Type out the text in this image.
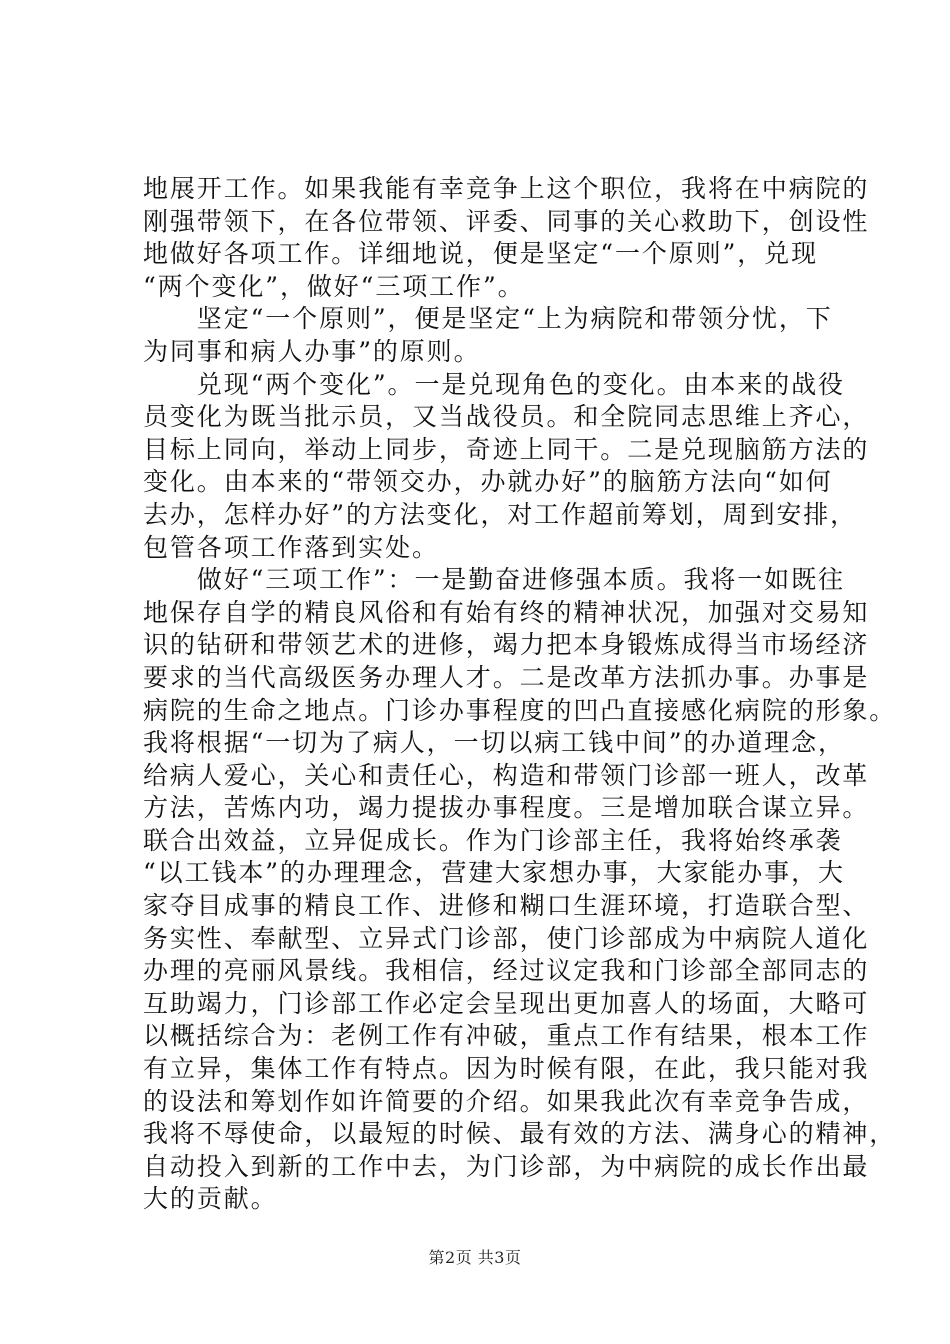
地展开工作。如果我能有幸竞争上这个职位，我将在中病院的
刚强带领下，在各位带领、评委、同事的关心救助下，创设性
地做好各项工作。详细地说，便是坚定“一个原则”，兑现
“两个变化”，做好“三项工作”。
　　坚定“一个原则”，便是坚定“上为病院和带领分忧，下
为同事和病人办事”的原则。
　　兑现“两个变化”。一是兑现角色的变化。由本来的战役
员变化为既当批示员，又当战役员。和全院同志思维上齐心，
目标上同向，举动上同步，奇迹上同干。二是兑现脑筋方法的
变化。由本来的“带领交办，办就办好”的脑筋方法向“如何
去办，怎样办好”的方法变化，对工作超前筹划，周到安排，
包管各项工作落到实处。
　　做好“三项工作”：一是勤奋进修强本质。我将一如既往
地保存自学的精良风俗和有始有终的精神状况，加强对交易知
识的钻研和带领艺术的进修，竭力把本身锻炼成得当市场经济
要求的当代高级医务办理人才。二是改革方法抓办事。办事是
病院的生命之地点。门诊办事程度的凹凸直接感化病院的形象。
我将根据“一切为了病人，一切以病工钱中间”的办道理念，
给病人爱心，关心和责任心，构造和带领门诊部一班人，改革
方法，苦炼内功，竭力提拔办事程度。三是增加联合谋立异。
联合出效益，立异促成长。作为门诊部主任，我将始终承袭
“以工钱本”的办理理念，营建大家想办事，大家能办事，大
家夺目成事的精良工作、进修和糊口生涯环境，打造联合型、
务实性、奉献型、立异式门诊部，使门诊部成为中病院人道化
办理的亮丽风景线。我相信，经过议定我和门诊部全部同志的
互助竭力，门诊部工作必定会呈现出更加喜人的场面，大略可
以概括综合为：老例工作有冲破，重点工作有结果，根本工作
有立异，集体工作有特点。因为时候有限，在此，我只能对我
的设法和筹划作如许简要的介绍。如果我此次有幸竞争告成，
我将不辱使命，以最短的时候、最有效的方法、满身心的精神，
自动投入到新的工作中去，为门诊部，为中病院的成长作出最
大的贡献。
第2页 共3页
